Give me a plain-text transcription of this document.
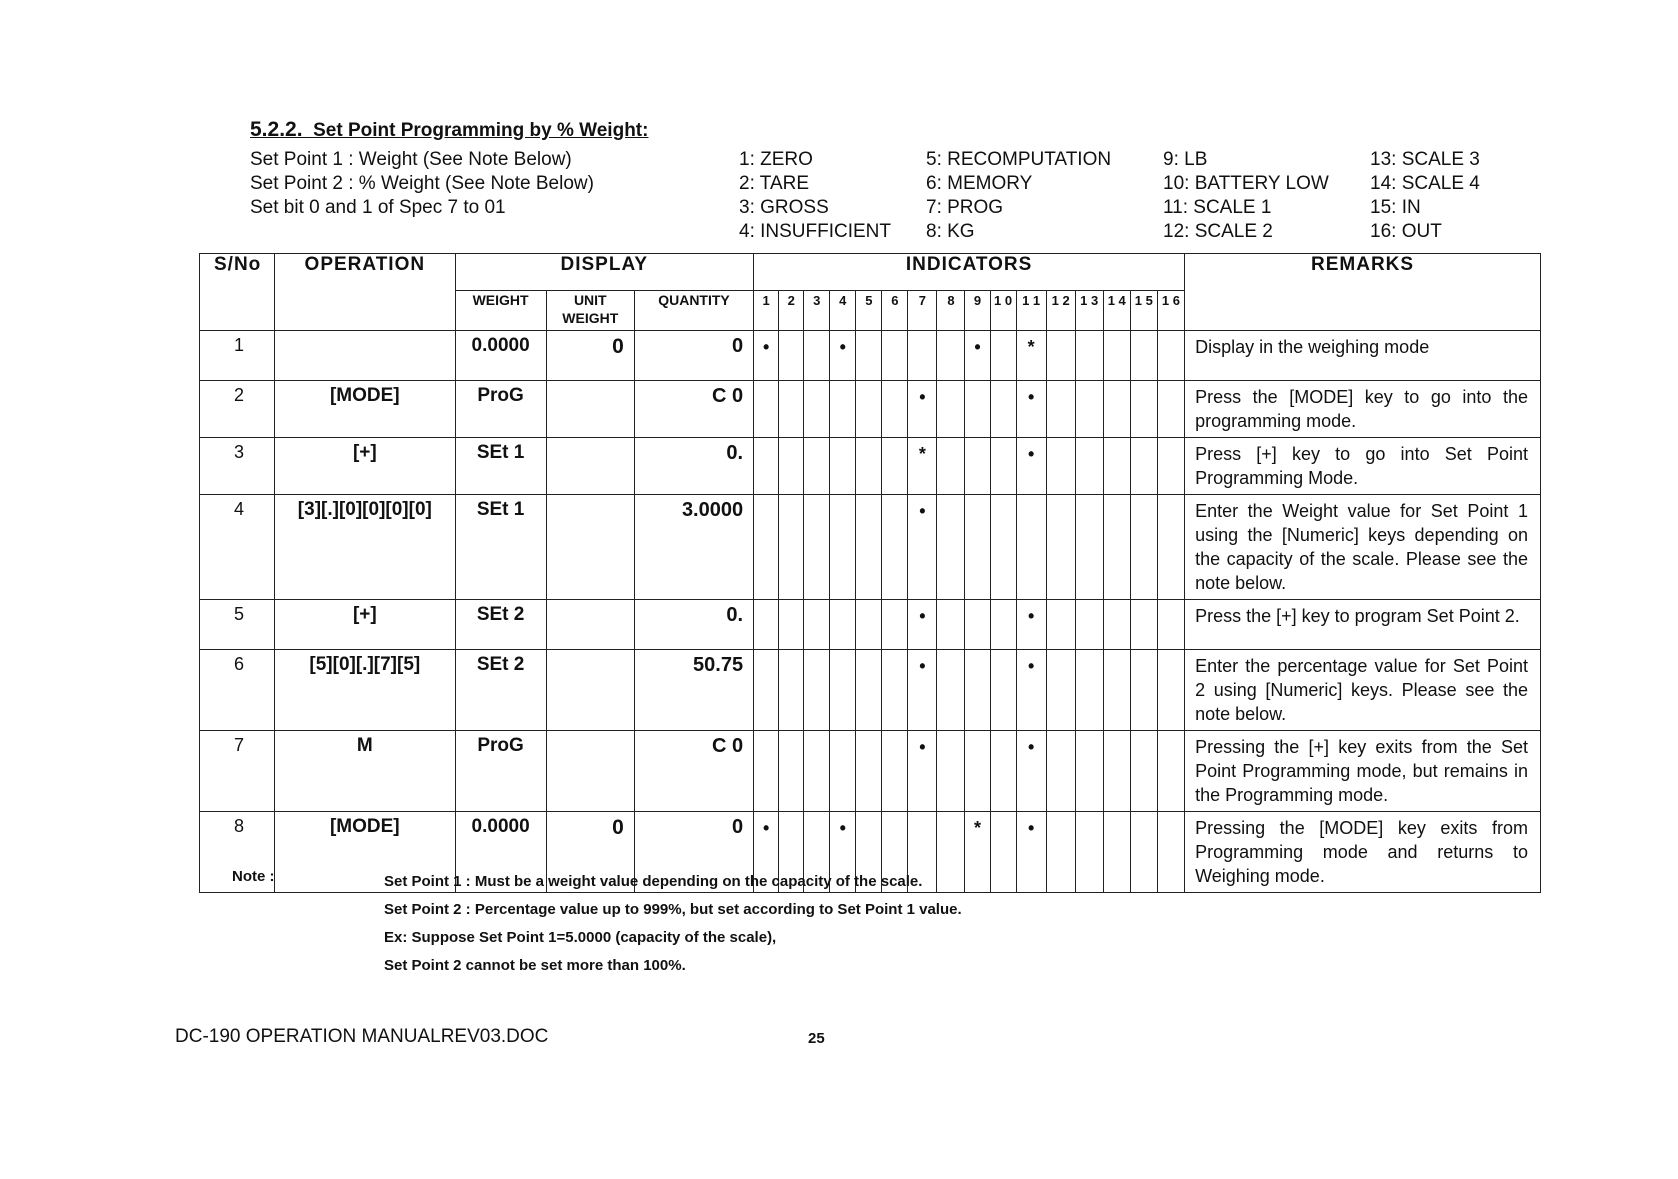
5.2.2. Set Point Programming by % Weight:
Set Point 1 : Weight (See Note Below)
Set Point 2 : % Weight (See Note Below)
Set bit 0 and 1 of Spec 7 to 01
1: ZERO
2: TARE
3: GROSS
4: INSUFFICIENT
5: RECOMPUTATION
6: MEMORY
7: PROG
8: KG
9: LB
10: BATTERY LOW
11: SCALE 1
12: SCALE 2
13: SCALE 3
14: SCALE 4
15: IN
16: OUT
S/No	OPERATION	DISPLAY			INDICATORS																REMARKS
		WEIGHT	UNIT WEIGHT	QUANTITY	1	2	3	4	5	6	7	8	9	1 0	1 1	1 2	1 3	1 4	1 5	1 6	
1		0.0000	0	0	•			•					•		*						Display in the weighing mode
2	[MODE]	ProG		C 0							•				•						Press the [MODE] key to go into the programming mode.
3	[+]	SEt 1		0.							*				•						Press [+] key to go into Set Point Programming Mode.
4	[3][.][0][0][0][0]	SEt 1		3.0000							•										Enter the Weight value for Set Point 1 using the [Numeric] keys depending on the capacity of the scale. Please see the note below.
5	[+]	SEt 2		0.							•				•						Press the [+] key to program Set Point 2.
6	[5][0][.][7][5]	SEt 2		50.75							•				•						Enter the percentage value for Set Point 2 using [Numeric] keys. Please see the note below.
7	M	ProG		C 0							•				•						Pressing the [+] key exits from the Set Point Programming mode, but remains in the Programming mode.
8	[MODE]	0.0000	0	0	•			•					*		•						Pressing the [MODE] key exits from Programming mode and returns to Weighing mode.
Note :	Set Point 1 : Must be a weight value depending on the capacity of the scale.
Set Point 2 : Percentage value up to 999%, but set according to Set Point 1 value.
Ex: Suppose Set Point 1=5.0000 (capacity of the scale),
Set Point 2 cannot be set more than 100%.
DC-190 OPERATION MANUALREV03.DOC	25
